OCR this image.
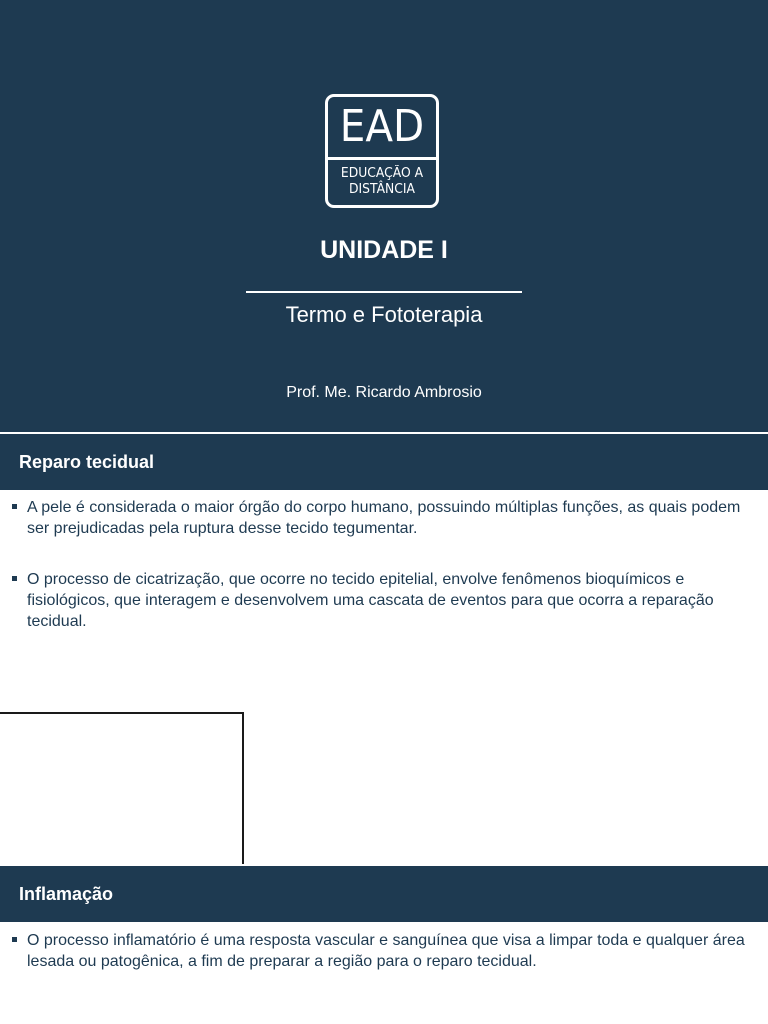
EAD
EDUCAÇÃO A
DISTÂNCIA
UNIDADE I

Termo e Fototerapia

Prof. Me. Ricardo Ambrosio

Reparo tecidual
A pele é considerada o maior órgão do corpo humano, possuindo múltiplas funções, as quais podem ser prejudicadas pela ruptura desse tecido tegumentar.
O processo de cicatrização, que ocorre no tecido epitelial, envolve fenômenos bioquímicos e fisiológicos, que interagem e desenvolvem uma cascata de eventos para que ocorra a reparação tecidual.
Inflamação
O processo inflamatório é uma resposta vascular e sanguínea que visa a limpar toda e qualquer área lesada ou patogênica, a fim de preparar a região para o reparo tecidual.
